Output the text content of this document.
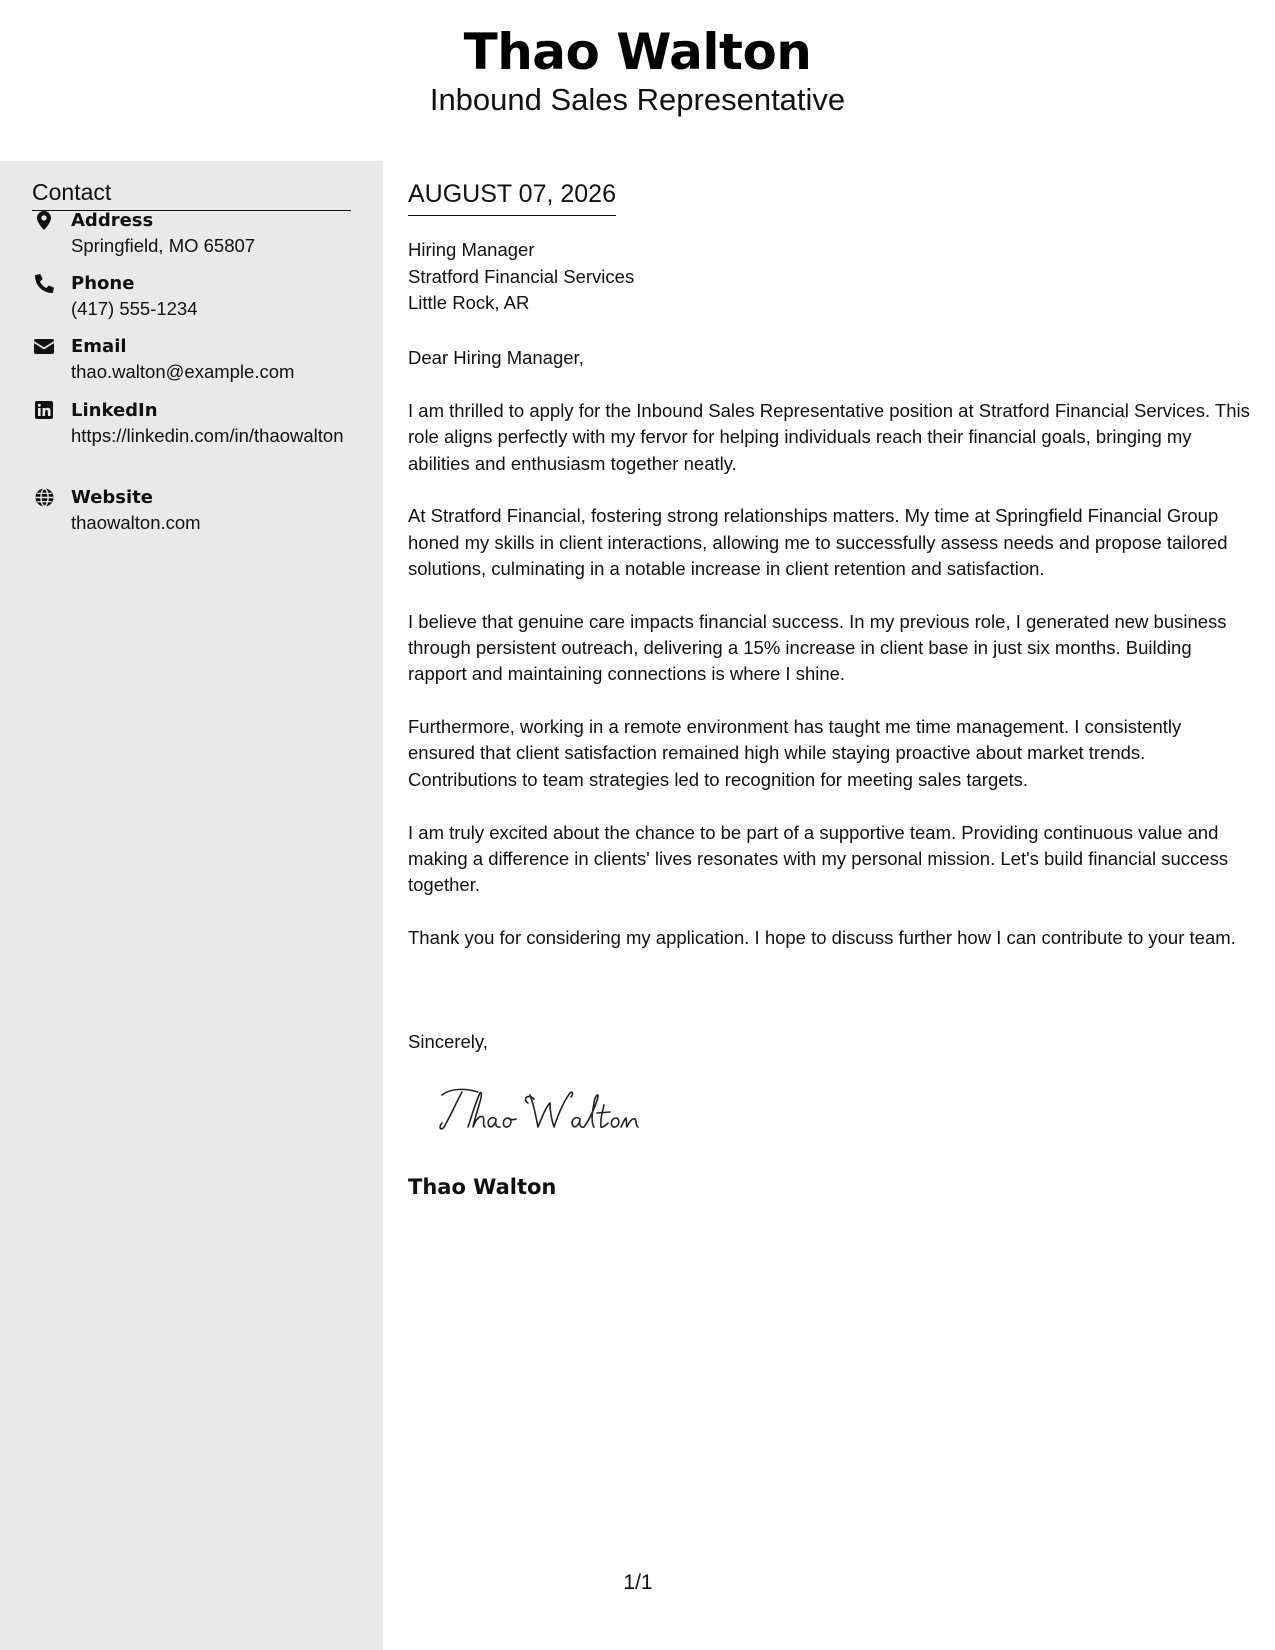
Thao Walton
Inbound Sales Representative
Contact
Address
Springfield, MO 65807
Phone
(417) 555-1234
Email
thao.walton@example.com
LinkedIn
https://linkedin.com/in/thaowalton
Website
thaowalton.com
AUGUST 07, 2026
Hiring Manager
Stratford Financial Services
Little Rock, AR
Dear Hiring Manager,

I am thrilled to apply for the Inbound Sales Representative position at Stratford Financial Services. This role aligns perfectly with my fervor for helping individuals reach their financial goals, bringing my abilities and enthusiasm together neatly.

At Stratford Financial, fostering strong relationships matters. My time at Springfield Financial Group honed my skills in client interactions, allowing me to successfully assess needs and propose tailored solutions, culminating in a notable increase in client retention and satisfaction.

I believe that genuine care impacts financial success. In my previous role, I generated new business through persistent outreach, delivering a 15% increase in client base in just six months. Building rapport and maintaining connections is where I shine.

Furthermore, working in a remote environment has taught me time management. I consistently ensured that client satisfaction remained high while staying proactive about market trends. Contributions to team strategies led to recognition for meeting sales targets.

I am truly excited about the chance to be part of a supportive team. Providing continuous value and making a difference in clients' lives resonates with my personal mission. Let's build financial success together.

Thank you for considering my application. I hope to discuss further how I can contribute to your team.

Sincerely,
Thao Walton
1/1
